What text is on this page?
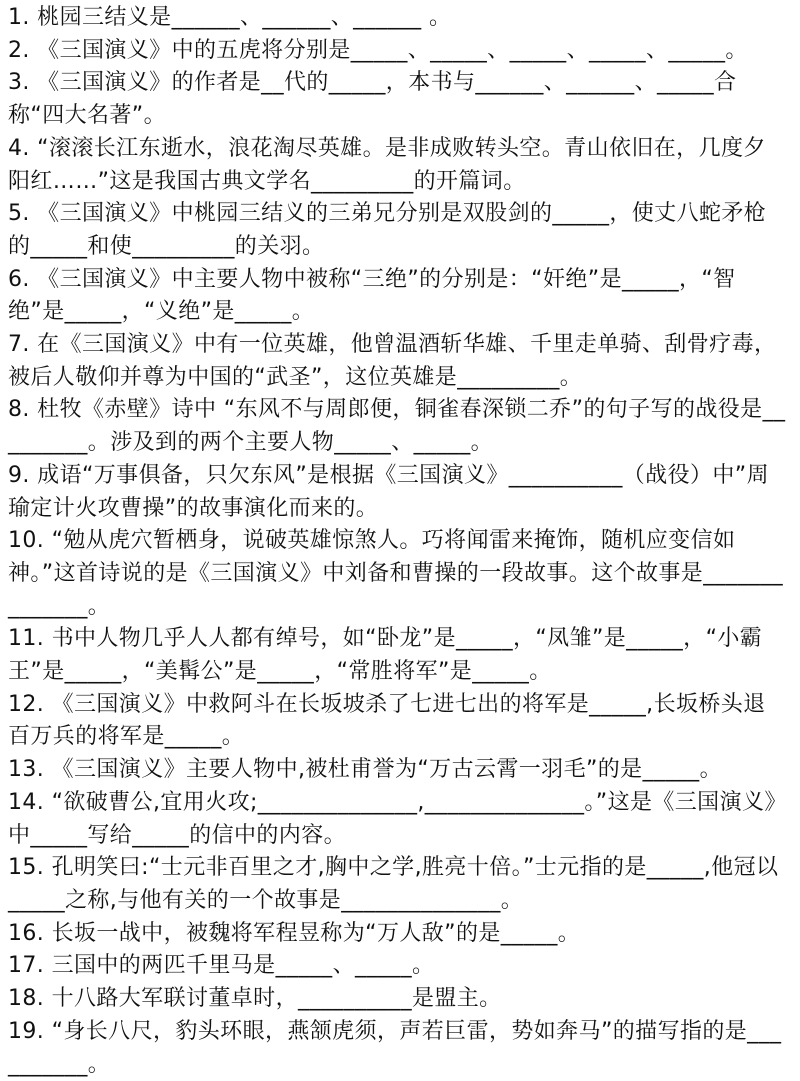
1. 桃园三结义是______、______、______ 。

2. 《三国演义》中的五虎将分别是_____、_____、_____、_____、_____。

3. 《三国演义》的作者是__代的_____，本书与______、______、_____合称“四大名著”。

4. “滚滚长江东逝水，浪花淘尽英雄。是非成败转头空。青山依旧在，几度夕阳红……”这是我国古典文学名_________的开篇词。

5. 《三国演义》中桃园三结义的三弟兄分别是双股剑的_____，使丈八蛇矛枪的_____和使_________的关羽。

6. 《三国演义》中主要人物中被称“三绝”的分别是：“奸绝”是_____，“智绝”是_____，“义绝”是_____。

7. 在《三国演义》中有一位英雄，他曾温酒斩华雄、千里走单骑、刮骨疗毒，被后人敬仰并尊为中国的“武圣”，这位英雄是_________。

8. 杜牧《赤壁》诗中 “东风不与周郎便，铜雀春深锁二乔”的句子写的战役是_________。涉及到的两个主要人物_____、_____。

9. 成语“万事俱备，只欠东风”是根据《三国演义》__________（战役）中”周瑜定计火攻曹操”的故事演化而来的。

10. “勉从虎穴暂栖身，说破英雄惊煞人。巧将闻雷来掩饰，随机应变信如神。”这首诗说的是《三国演义》中刘备和曹操的一段故事。这个故事是______________。

11. 书中人物几乎人人都有绰号，如“卧龙”是_____，“凤雏”是_____，“小霸王”是_____，“美髯公”是_____，“常胜将军”是_____。

12. 《三国演义》中救阿斗在长坂坡杀了七进七出的将军是_____,长坂桥头退百万兵的将军是_____。

13. 《三国演义》主要人物中,被杜甫誉为“万古云霄一羽毛”的是_____。

14. “欲破曹公,宜用火攻;______________,______________。”这是《三国演义》中_____写给_____的信中的内容。

15. 孔明笑曰:“士元非百里之才,胸中之学,胜亮十倍。”士元指的是_____,他冠以_____之称,与他有关的一个故事是______________。

16. 长坂一战中，被魏将军程昱称为“万人敌”的是_____。

17. 三国中的两匹千里马是_____、_____。

18. 十八路大军联讨董卓时，__________是盟主。

19. “身长八尺，豹头环眼，燕颔虎须，声若巨雷，势如奔马”的描写指的是__________。
